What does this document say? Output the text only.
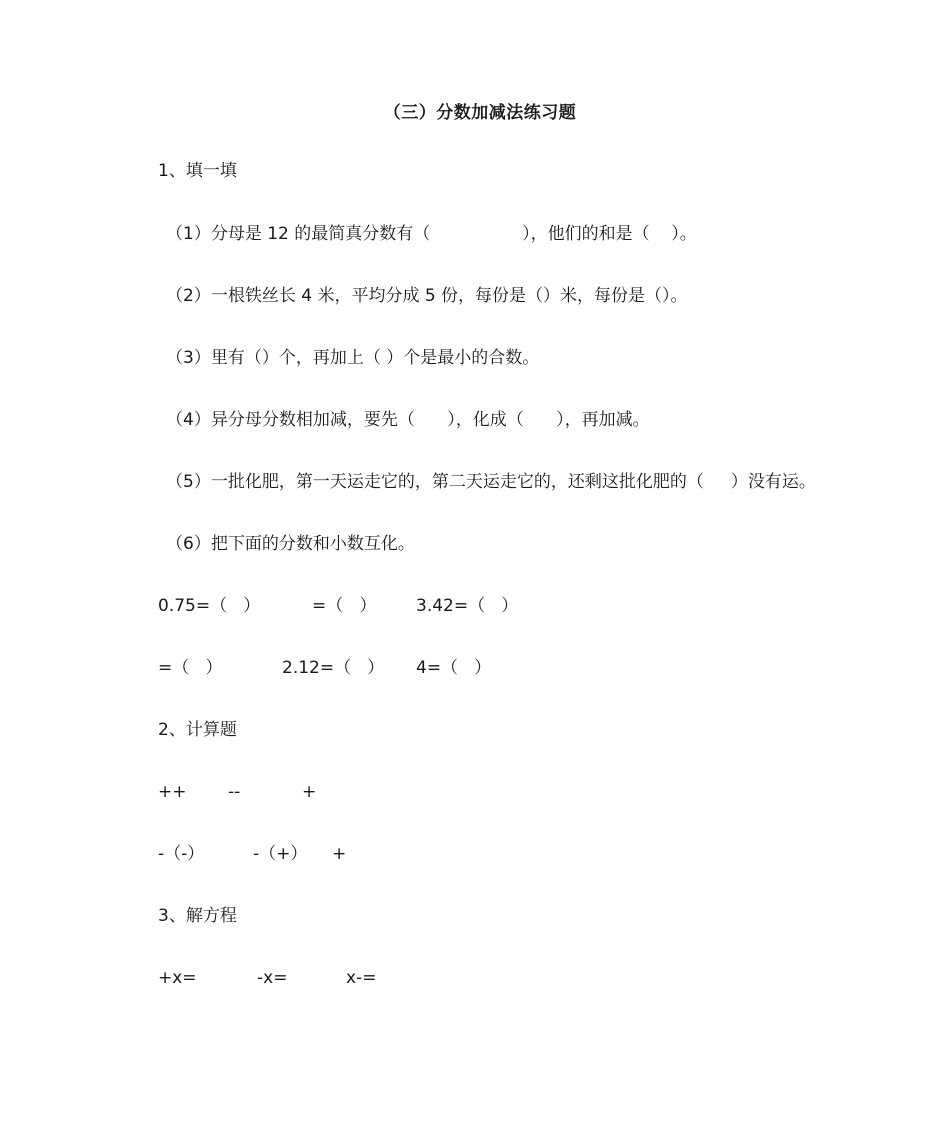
（三）分数加减法练习题
1、填一填
（1）分母是 12 的最简真分数有（                 ），他们的和是（    ）。
（2）一根铁丝长 4 米，平均分成 5 份，每份是（）米，每份是（）。
（3）里有（）个，再加上（ ）个是最小的合数。
（4）异分母分数相加减，要先（      ），化成（      ），再加减。
（5）一批化肥，第一天运走它的，第二天运走它的，还剩这批化肥的（     ）没有运。
（6）把下面的分数和小数互化。
0.75=（   ）	=（   ） 3.42=（   ）
=（   ）	2.12=（   ） 4=（   ）
2、计算题
++ --	+
-（-）	-（+） +
3、解方程
+x=	-x=	x-=
